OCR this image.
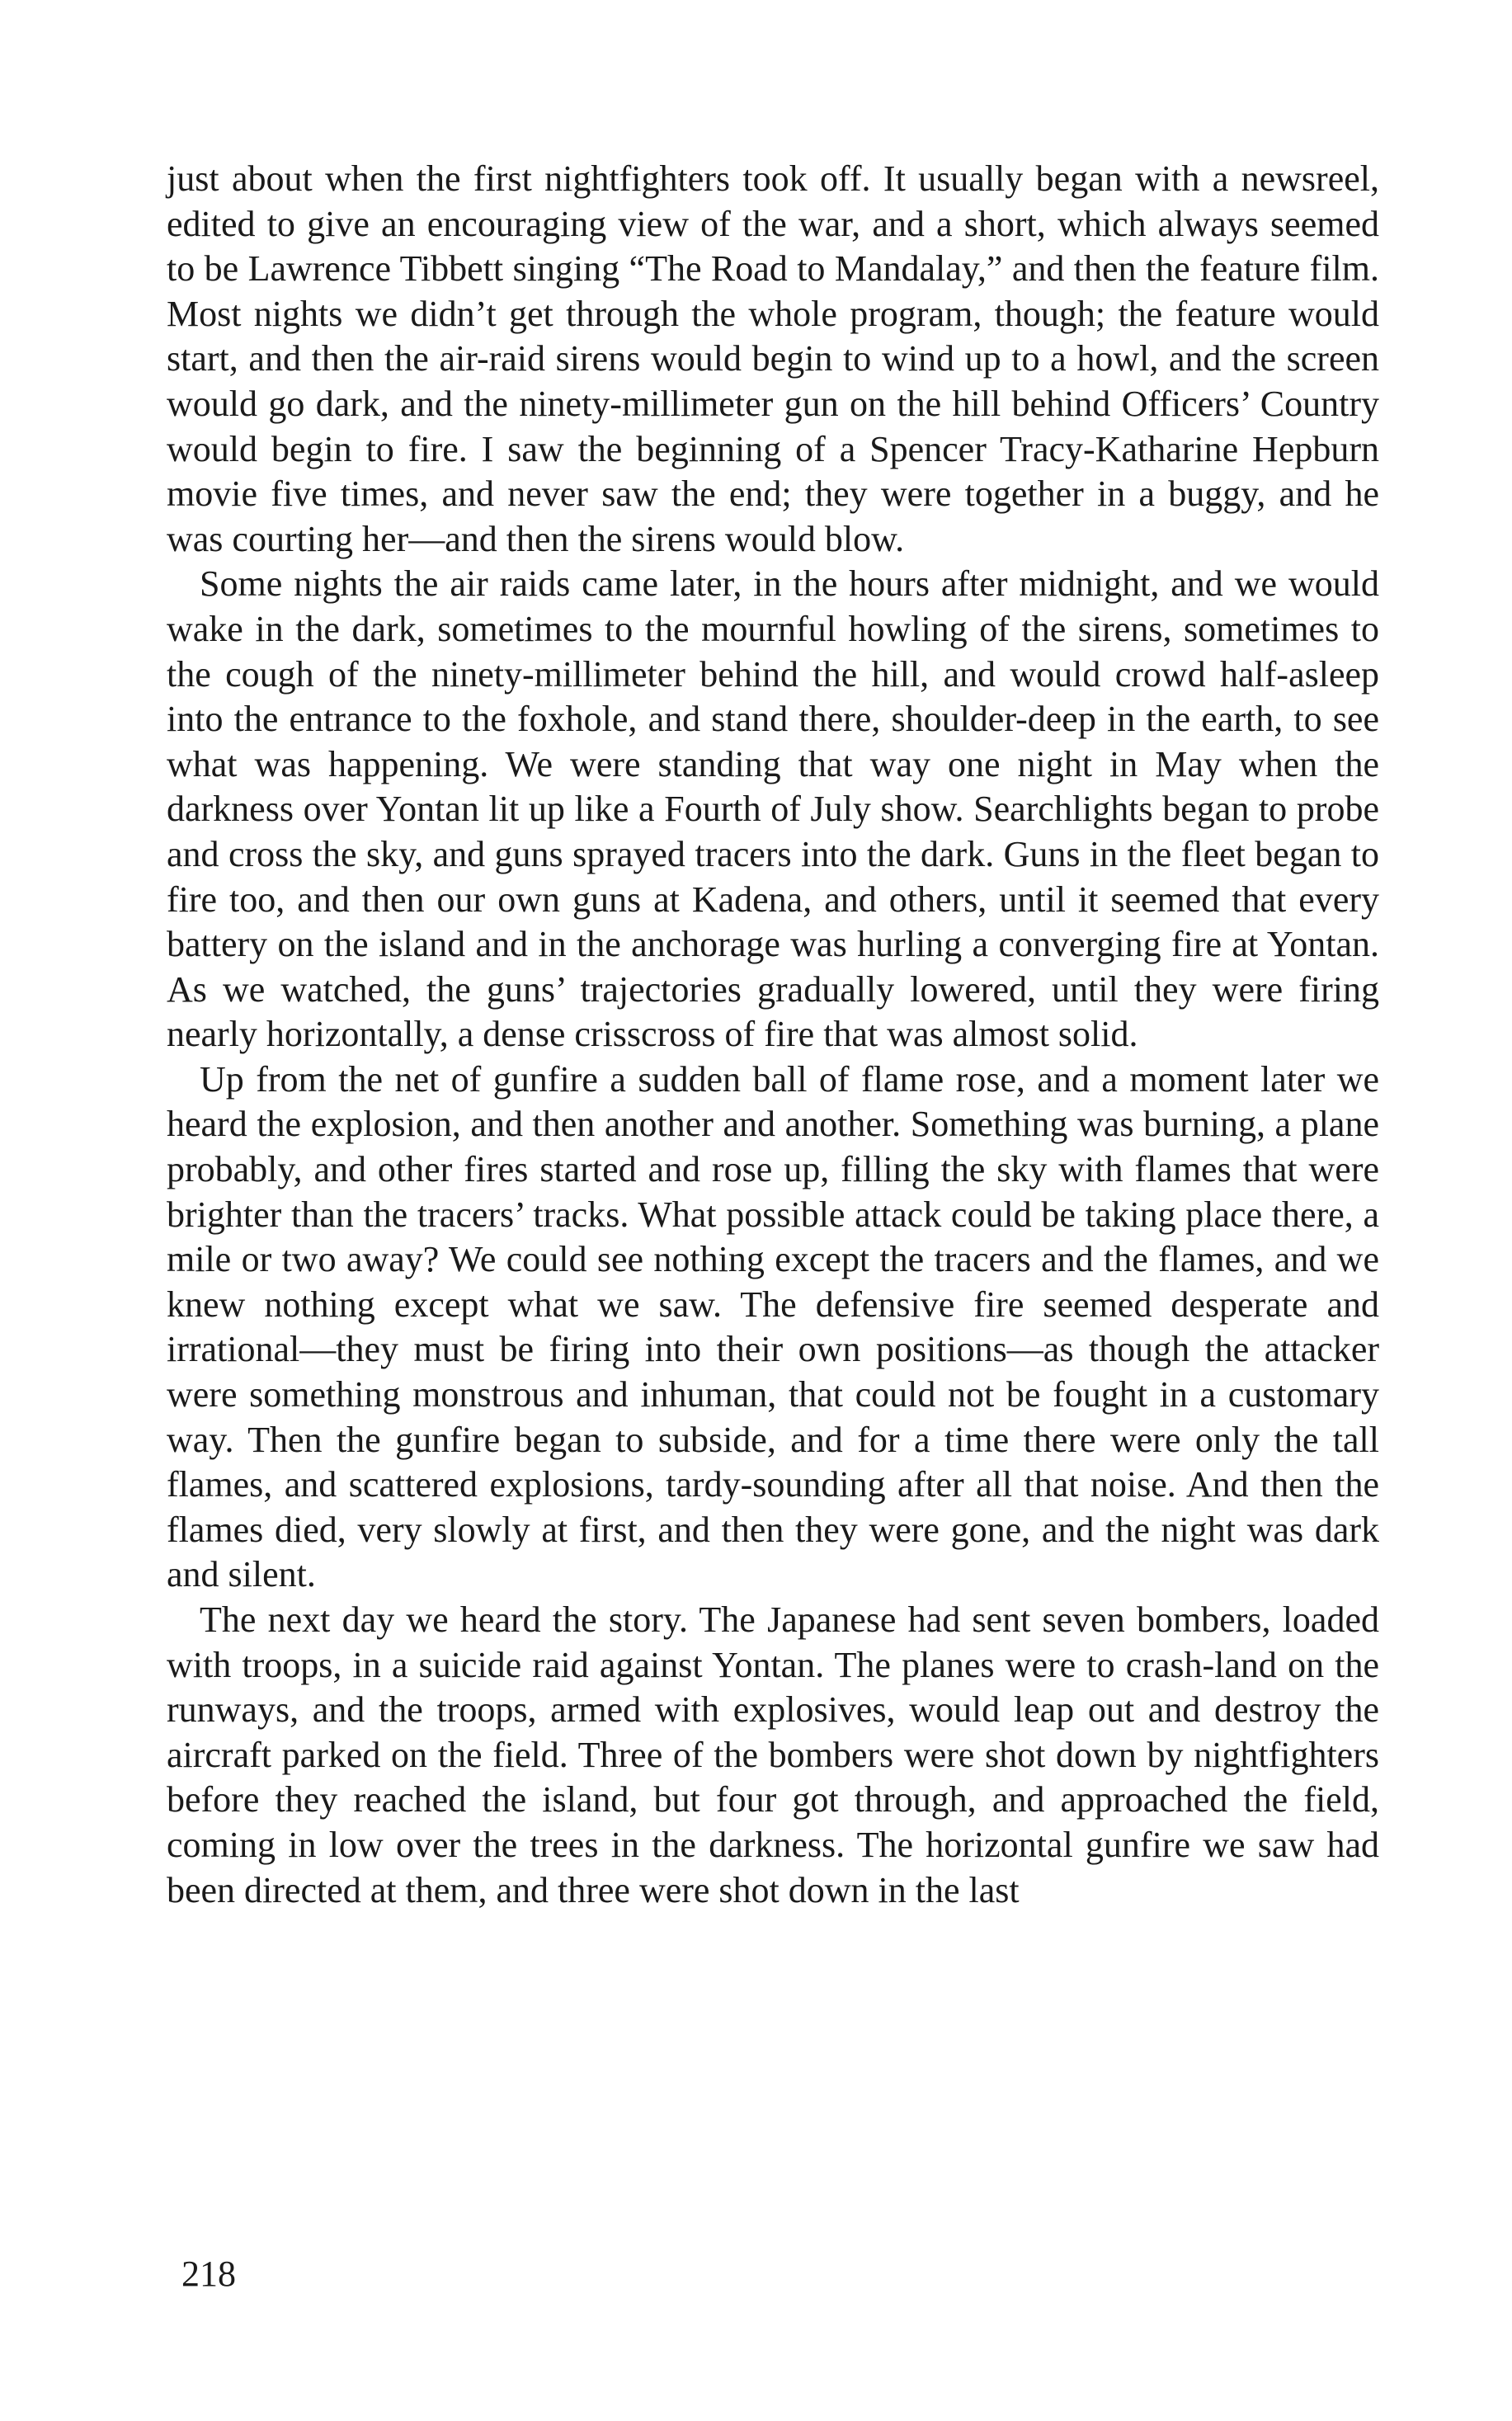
just about when the first nightfighters took off. It usually began with a newsreel, edited to give an encouraging view of the war, and a short, which always seemed to be Lawrence Tibbett singing “The Road to Mandalay,” and then the feature film. Most nights we didn’t get through the whole program, though; the feature would start, and then the air-raid sirens would begin to wind up to a howl, and the screen would go dark, and the ninety-millimeter gun on the hill behind Officers’ Country would begin to fire. I saw the beginning of a Spencer Tracy-Katharine Hepburn movie five times, and never saw the end; they were together in a buggy, and he was courting her—and then the sirens would blow.

Some nights the air raids came later, in the hours after midnight, and we would wake in the dark, sometimes to the mournful howling of the sirens, sometimes to the cough of the ninety-millimeter behind the hill, and would crowd half-asleep into the entrance to the foxhole, and stand there, shoulder-deep in the earth, to see what was happening. We were standing that way one night in May when the darkness over Yontan lit up like a Fourth of July show. Searchlights began to probe and cross the sky, and guns sprayed tracers into the dark. Guns in the fleet began to fire too, and then our own guns at Kadena, and others, until it seemed that every battery on the island and in the anchorage was hurling a converging fire at Yontan. As we watched, the guns’ trajectories gradually lowered, until they were firing nearly horizontally, a dense crisscross of fire that was almost solid.

Up from the net of gunfire a sudden ball of flame rose, and a moment later we heard the explosion, and then another and another. Something was burning, a plane probably, and other fires started and rose up, filling the sky with flames that were brighter than the tracers’ tracks. What possible attack could be taking place there, a mile or two away? We could see nothing except the tracers and the flames, and we knew nothing except what we saw. The defensive fire seemed desperate and irrational—they must be firing into their own positions—as though the attacker were something monstrous and inhuman, that could not be fought in a customary way. Then the gunfire began to subside, and for a time there were only the tall flames, and scattered explosions, tardy-sounding after all that noise. And then the flames died, very slowly at first, and then they were gone, and the night was dark and silent.

The next day we heard the story. The Japanese had sent seven bombers, loaded with troops, in a suicide raid against Yontan. The planes were to crash-land on the runways, and the troops, armed with explosives, would leap out and destroy the aircraft parked on the field. Three of the bombers were shot down by nightfighters before they reached the island, but four got through, and approached the field, coming in low over the trees in the darkness. The horizontal gunfire we saw had been directed at them, and three were shot down in the last

218
